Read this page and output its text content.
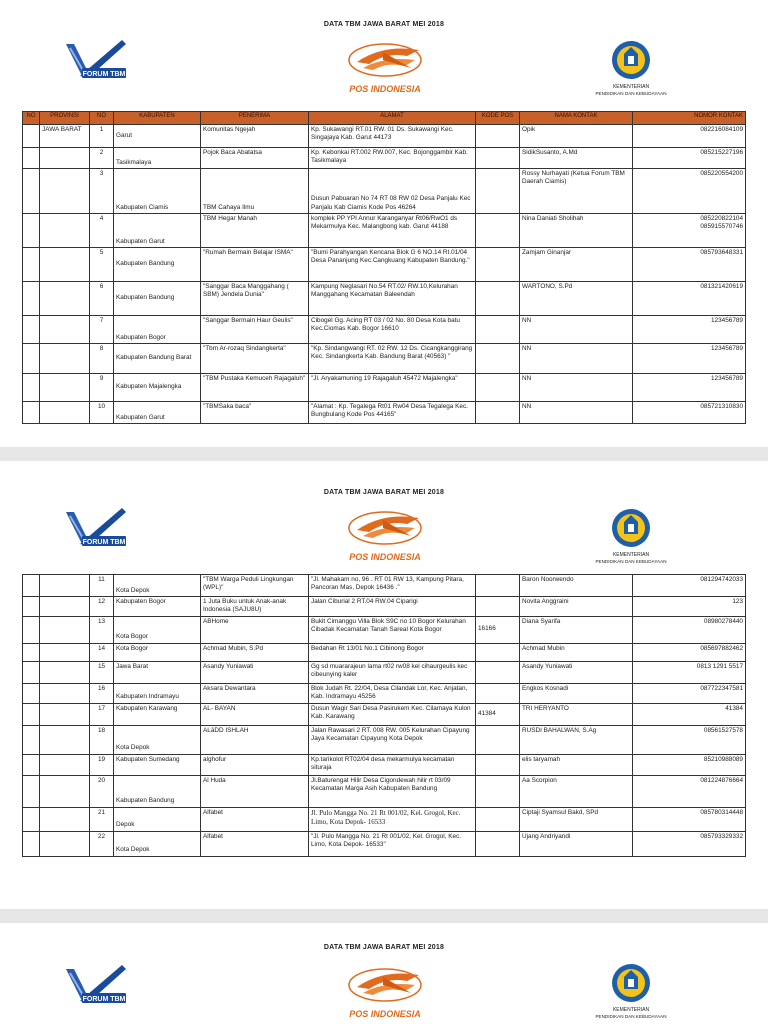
DATA TBM JAWA BARAT MEI 2018
FORUM TBM
POS INDONESIA	KEMENTERIAN
PENDIDIKAN DAN KEBUDAYAAN
NO	PROVINSI	NO	KABUPATEN	PENERIMA	ALAMAT	KODE POS	NAMA KONTAK	NOMOR KONTAK
	JAWA BARAT	1	Garut	Komunitas Ngejah	Kp. Sukawangi RT.01 RW. 01 Ds. Sukawangi Kec. Singajaya Kab. Garut 44173		Opik	082216084109
		2	Tasikmalaya	Pojok Baca Abatatsa	Kp. Kebonkai RT.002 RW.007, Kec. Bojonggambir Kab. Tasikmalaya		SidikSusanto, A.Md	085215227196
		3	Kabupaten Ciamis	TBM Cahaya Ilmu	Dusun Pabuaran No 74 RT 08 RW 02 Desa Panjalu Kec Panjalu Kab Ciamis Kode Pos 46264		Rossy Nurhayati (Ketua Forum TBM Daerah Ciamis)	085220554200
		4	Kabupaten Garut	TBM Hegar Manah	komplek PP YPI Annur Karanganyar Rt06/RwO1 ds Mekarmulya Kec. Malangbong kab. Garut 44188		Nina Daniati Sholihah	085220822104
085915570746
		5	Kabupaten Bandung	"Rumah Bermain Belajar ISMA"	"Bumi Parahyangan Kencana Blok G 6 NO.14 Rt.01/04 Desa Pananjung Kec.Cangkuang Kabupaten Bandung."		Zamjam Ginanjar	085793648331
		6	Kabupaten Bandung	"Sanggar Baca Manggahang ( SBM) Jendela Dunia"	Kampung Neglasari No.54 RT.02/ RW.10,Kelurahan Manggahang Kecamatan Baleendah		WARTONO, S.Pd	081321420619
		7	Kabupaten Bogor	"Sanggar Bermain Haur Geulis"	Cibogel Gg. Acing RT 03 / 02 No. 80 Desa Kota batu Kec.Ciomas Kab. Bogor 16610		NN	123456789
		8	Kabupaten Bandung Barat	"Tbm Ar-rozaq Sindangkerta"	"Kp. Sindangwangi RT. 02 RW. 12 Ds. Cicangkanggirang Kec. Sindangkerta Kab. Bandung Barat (40563) "		NN	123456789
		9	Kabupaten Majalengka	"TBM Pustaka Kemuceh Rajagaluh"	"Jl. Aryakamuning 19 Rajagaluh 45472 Majalengka"		NN	123456789
		10	Kabupaten Garut	"TBMSaka baca"	"Alamat : Kp. Tegalega Rt01 Rw04 Desa Tegalega Kec. Bungbulang Kode Pos 44165"		NN	085721310830
DATA TBM JAWA BARAT MEI 2018
FORUM TBM
POS INDONESIA	KEMENTERIAN
PENDIDIKAN DAN KEBUDAYAAN
		11	Kota Depok	"TBM Warga Peduli Lingkungan (WPL)"	"Jl. Mahakam no, 96 . RT 01 RW 13, Kampung Pitara, Pancoran Mas, Depok 16436 ."		Baron Noorwendo	081294742033
		12	Kabupaten Bogor	1 Juta Buku untuk Anak-anak Indonesia (SAJU8U)	Jalan Ciburial 2 RT.04 RW.04 Ciparigi		Novita Anggraini	123
		13	Kota Bogor	ABHome	Bukit Cimanggu Villa Blok S9C no 10 Bogor Kelurahan Cibadak Kecamatan Tanah Sareal Kota Bogor	16166	Diana Syarifa	08980278440
		14	Kota Bogor	Achmad Mubin, S.Pd	Bedahan Rt 13/01 No.1 Cibinong Bogor		Achmad Mubin	085697882462
		15	Jawa Barat	Asandy Yuniawati	Gg sd muararajeun lama rt02 rw08 kel cihaurgeulis kec cibeunying kaler		Asandy Yuniawati	0813 1291 5517
		16	Kabupaten Indramayu	Aksara Dewantara	Blok Judah Rt. 22/04, Desa Cilandak Lor, Kec. Anjatan, Kab. Indramayu 45256		Engkos Kosnadi	087722347581
		17	Kabupaten Karawang	AL- BAYAN	Dusun Wagir Sari Desa Pasirukem Kec. Cilamaya Kulon Kab. Karawang	41384	TRI HERYANTO	41384
		18	Kota Depok	ALāDD ISHLAH	Jalan Rawasari 2 RT. 008 RW. 005 Kelurahan Cipayung Jaya Kecamatan Cipayung Kota Depok		RUSDI BAHALWAN, S.Ag	08561527578
		19	Kabupaten Sumedang	alghofur	Kp.tarikolot RT02/04 desa mekarmulya kecamatan situraja		elis taryamah	85210988089
		20	Kabupaten Bandung	Al Huda	Jl.Baturengat Hilir Desa Cigondewah hilir rt 03/09 Kecamatan Marga Asih Kabupaten Bandung		Aa Scorpion	081224876664
		21	Depok	Alfabet	Jl. Pulo Mangga No. 21 Rt 001/02, Kel. Grogol, Kec. Limo, Kota Depok- 16533		Ciptaji Syamsul Bakd, SPd	085780314448
		22	Kota Depok	Alfabet	"Jl. Pulo Mangga No. 21 Rt 001/02, Kel. Grogol, Kec. Limo, Kota Depok- 16533"		Ujang Andriyandi	085793329332
DATA TBM JAWA BARAT MEI 2018
FORUM TBM
POS INDONESIA	KEMENTERIAN
PENDIDIKAN DAN KEBUDAYAAN
